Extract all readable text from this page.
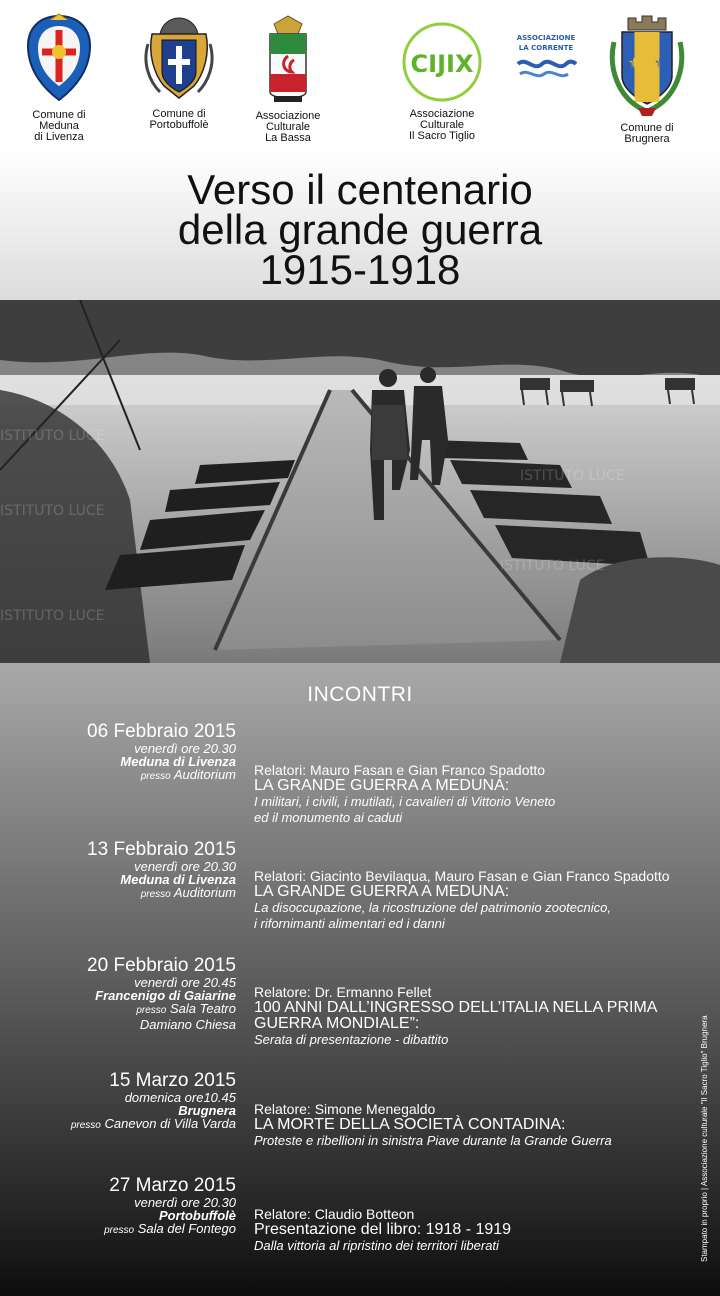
Comune di
Meduna
di Livenza
Comune di
Portobuffolè
Associazione
Culturale
La Bassa
CIJIX
Associazione
Culturale
Il Sacro Tiglio
ASSOCIAZIONE
LA CORRENTE
⚜ ⚜
Comune di
Brugnera
Verso il centenario
della grande guerra
1915-1918
ISTITUTO LUCE
ISTITUTO LUCE
ISTITUTO LUCE
ISTITUTO LUCE
ISTITUTO LUCE
INCONTRI
06 Febbraio 2015
venerdì ore 20.30
Meduna di Livenza
presso Auditorium Relatori: Mauro Fasan e Gian Franco Spadotto
LA GRANDE GUERRA A MEDUNA:
I militari, i civili, i mutilati, i cavalieri di Vittorio Veneto
ed il monumento ai caduti
13 Febbraio 2015
venerdì ore 20.30
Meduna di Livenza
presso Auditorium
Relatori: Giacinto Bevilaqua, Mauro Fasan e Gian Franco Spadotto
LA GRANDE GUERRA A MEDUNA:
La disoccupazione, la ricostruzione del patrimonio zootecnico,
i rifornimanti alimentari ed i danni
20 Febbraio 2015
venerdì ore 20.45
Francenigo di Gaiarine
presso Sala Teatro
Damiano Chiesa
Relatore: Dr. Ermanno Fellet
100 ANNI DALL’INGRESSO DELL’ITALIA NELLA PRIMA
GUERRA MONDIALE”:
Serata di presentazione - dibattito
15 Marzo 2015
domenica ore10.45
Brugnera
presso Canevon di Villa Varda
Relatore: Simone Menegaldo
LA MORTE DELLA SOCIETÀ CONTADINA:
Proteste e ribellioni in sinistra Piave durante la Grande Guerra
27 Marzo 2015
venerdì ore 20.30
Portobuffolè
presso Sala del Fontego
Relatore: Claudio Botteon
Presentazione del libro: 1918 - 1919
Dalla vittoria al ripristino dei territori liberati	Stampato in proprio | Associazione culturale "Il Sacro Tiglio" Brugnera
